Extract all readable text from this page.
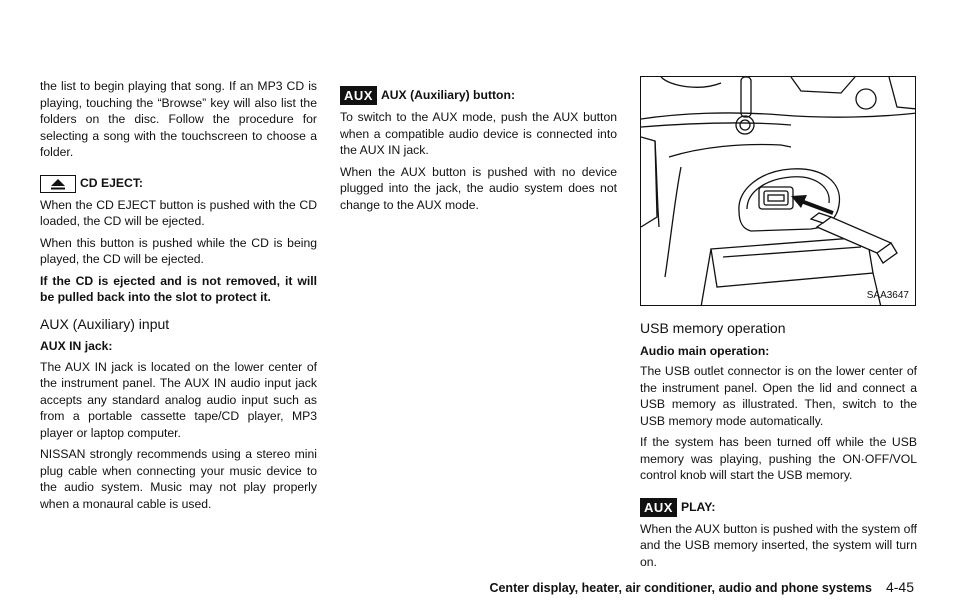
the list to begin playing that song. If an MP3 CD is playing, touching the “Browse” key will also list the folders on the disc. Follow the procedure for selecting a song with the touchscreen to choose a folder.

CD EJECT:

When the CD EJECT button is pushed with the CD loaded, the CD will be ejected.

When this button is pushed while the CD is being played, the CD will be ejected.

If the CD is ejected and is not removed, it will be pulled back into the slot to protect it.

AUX (Auxiliary) input
AUX IN jack:

The AUX IN jack is located on the lower center of the instrument panel. The AUX IN audio input jack accepts any standard analog audio input such as from a portable cassette tape/CD player, MP3 player or laptop computer.

NISSAN strongly recommends using a stereo mini plug cable when connecting your music device to the audio system. Music may not play properly when a monaural cable is used.

AUX AUX (Auxiliary) button:

To switch to the AUX mode, push the AUX button when a compatible audio device is connected into the AUX IN jack.

When the AUX button is pushed with no device plugged into the jack, the audio system does not change to the AUX mode.

SAA3647
USB memory operation
Audio main operation:

The USB outlet connector is on the lower center of the instrument panel. Open the lid and connect a USB memory as illustrated. Then, switch to the USB memory mode automatically.

If the system has been turned off while the USB memory was playing, pushing the ON·OFF/VOL control knob will start the USB memory.

AUX PLAY:

When the AUX button is pushed with the system off and the USB memory inserted, the system will turn on.

Center display, heater, air conditioner, audio and phone systems 4-45
